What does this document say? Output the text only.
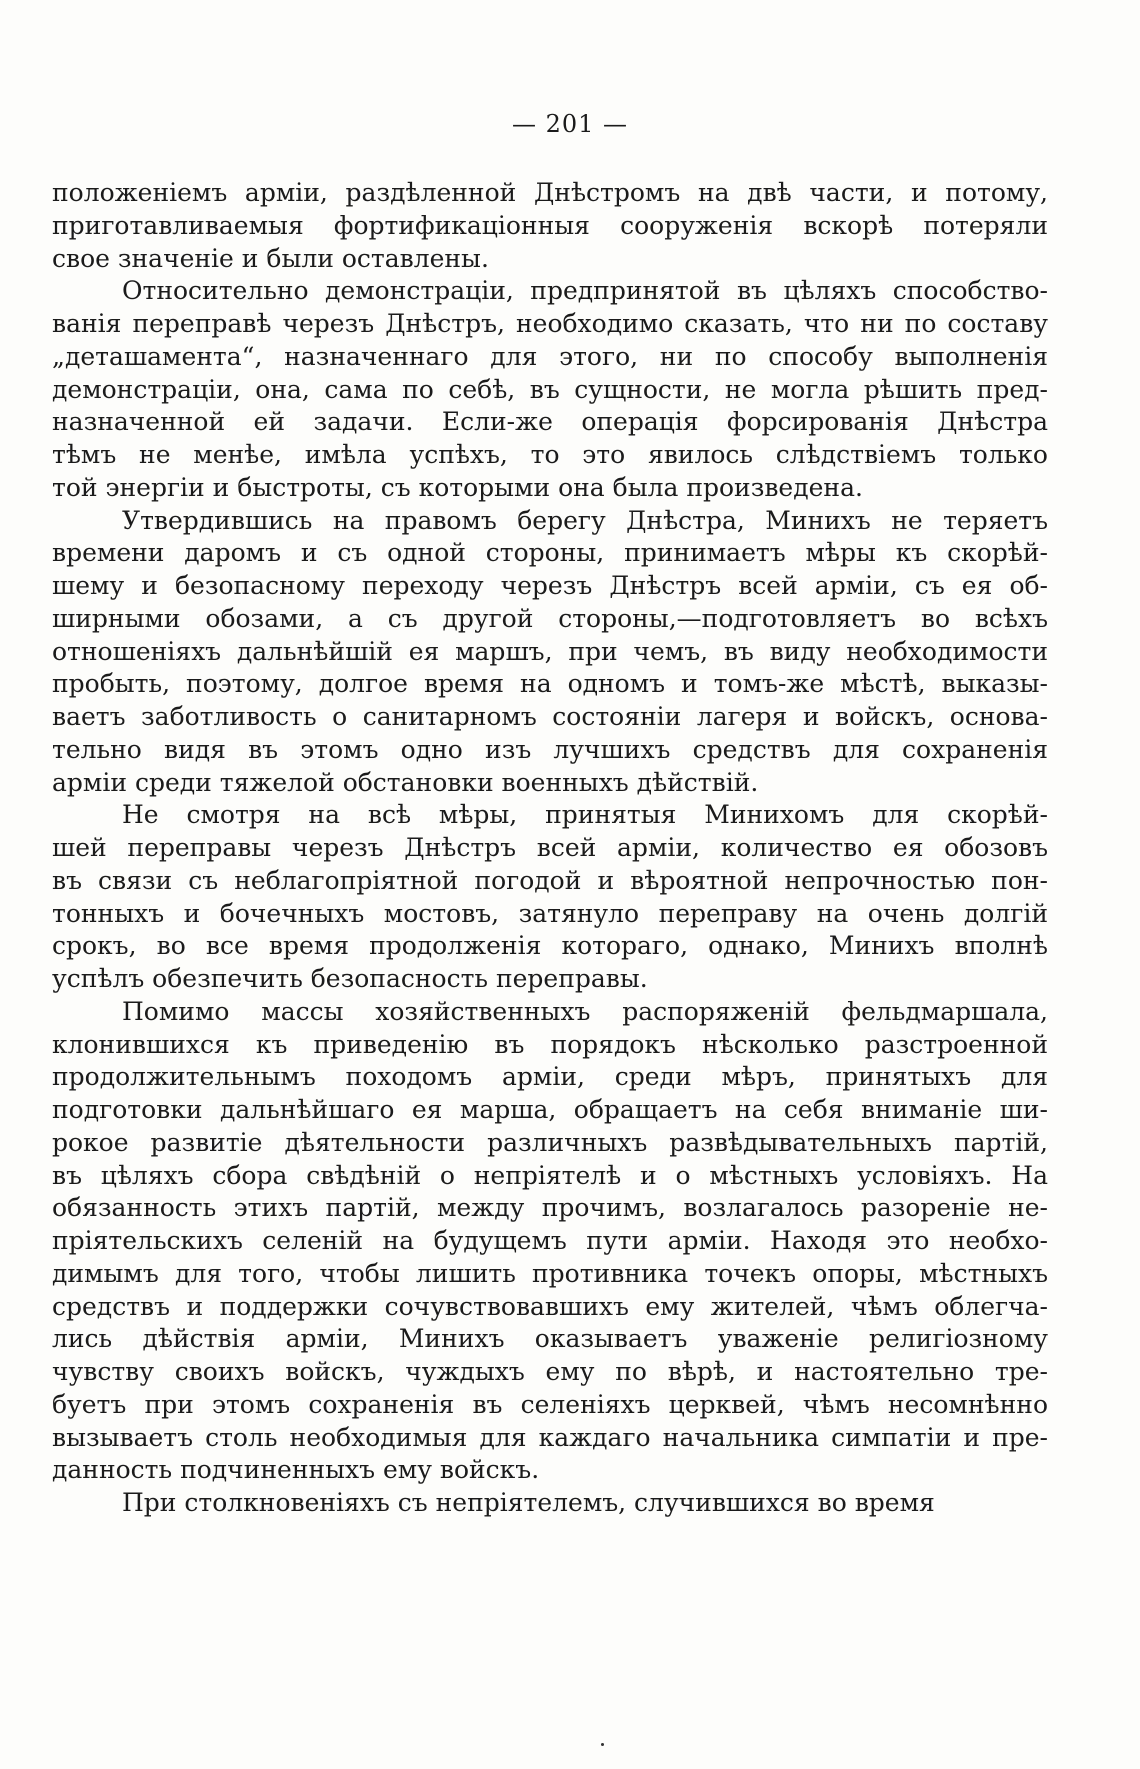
— 201 —
положеніемъ арміи, раздѣленной Днѣстромъ на двѣ части, и потому,
приготавливаемыя фортификаціонныя сооруженія вскорѣ потеряли
свое значеніе и были оставлены.
Относительно демонстраціи, предпринятой въ цѣляхъ способство-
ванія переправѣ черезъ Днѣстръ, необходимо сказать, что ни по составу
„деташамента“, назначеннаго для этого, ни по способу выполненія
демонстраціи, она, сама по себѣ, въ сущности, не могла рѣшить пред-
назначенной ей задачи. Если-же операція форсированія Днѣстра
тѣмъ не менѣе, имѣла успѣхъ, то это явилось слѣдствіемъ только
той энергіи и быстроты, съ которыми она была произведена.
Утвердившись на правомъ берегу Днѣстра, Минихъ не теряетъ
времени даромъ и съ одной стороны, принимаетъ мѣры къ скорѣй-
шему и безопасному переходу черезъ Днѣстръ всей арміи, съ ея об-
ширными обозами, а съ другой стороны,—подготовляетъ во всѣхъ
отношеніяхъ дальнѣйшій ея маршъ, при чемъ, въ виду необходимости
пробыть, поэтому, долгое время на одномъ и томъ-же мѣстѣ, выказы-
ваетъ заботливость о санитарномъ состояніи лагеря и войскъ, основа-
тельно видя въ этомъ одно изъ лучшихъ средствъ для сохраненія
арміи среди тяжелой обстановки военныхъ дѣйствій.
Не смотря на всѣ мѣры, принятыя Минихомъ для скорѣй-
шей переправы черезъ Днѣстръ всей арміи, количество ея обозовъ
въ связи съ неблагопріятной погодой и вѣроятной непрочностью пон-
тонныхъ и бочечныхъ мостовъ, затянуло переправу на очень долгій
срокъ, во все время продолженія котораго, однако, Минихъ вполнѣ
успѣлъ обезпечить безопасность переправы.
Помимо массы хозяйственныхъ распоряженій фельдмаршала,
клонившихся къ приведенію въ порядокъ нѣсколько разстроенной
продолжительнымъ походомъ арміи, среди мѣръ, принятыхъ для
подготовки дальнѣйшаго ея марша, обращаетъ на себя вниманіе ши-
рокое развитіе дѣятельности различныхъ развѣдывательныхъ партій,
въ цѣляхъ сбора свѣдѣній о непріятелѣ и о мѣстныхъ условіяхъ. На
обязанность этихъ партій, между прочимъ, возлагалось разореніе не-
пріятельскихъ селеній на будущемъ пути арміи. Находя это необхо-
димымъ для того, чтобы лишить противника точекъ опоры, мѣстныхъ
средствъ и поддержки сочувствовавшихъ ему жителей, чѣмъ облегча-
лись дѣйствія арміи, Минихъ оказываетъ уваженіе религіозному
чувству своихъ войскъ, чуждыхъ ему по вѣрѣ, и настоятельно тре-
буетъ при этомъ сохраненія въ селеніяхъ церквей, чѣмъ несомнѣнно
вызываетъ столь необходимыя для каждаго начальника симпатіи и пре-
данность подчиненныхъ ему войскъ.
При столкновеніяхъ съ непріятелемъ, случившихся во время
